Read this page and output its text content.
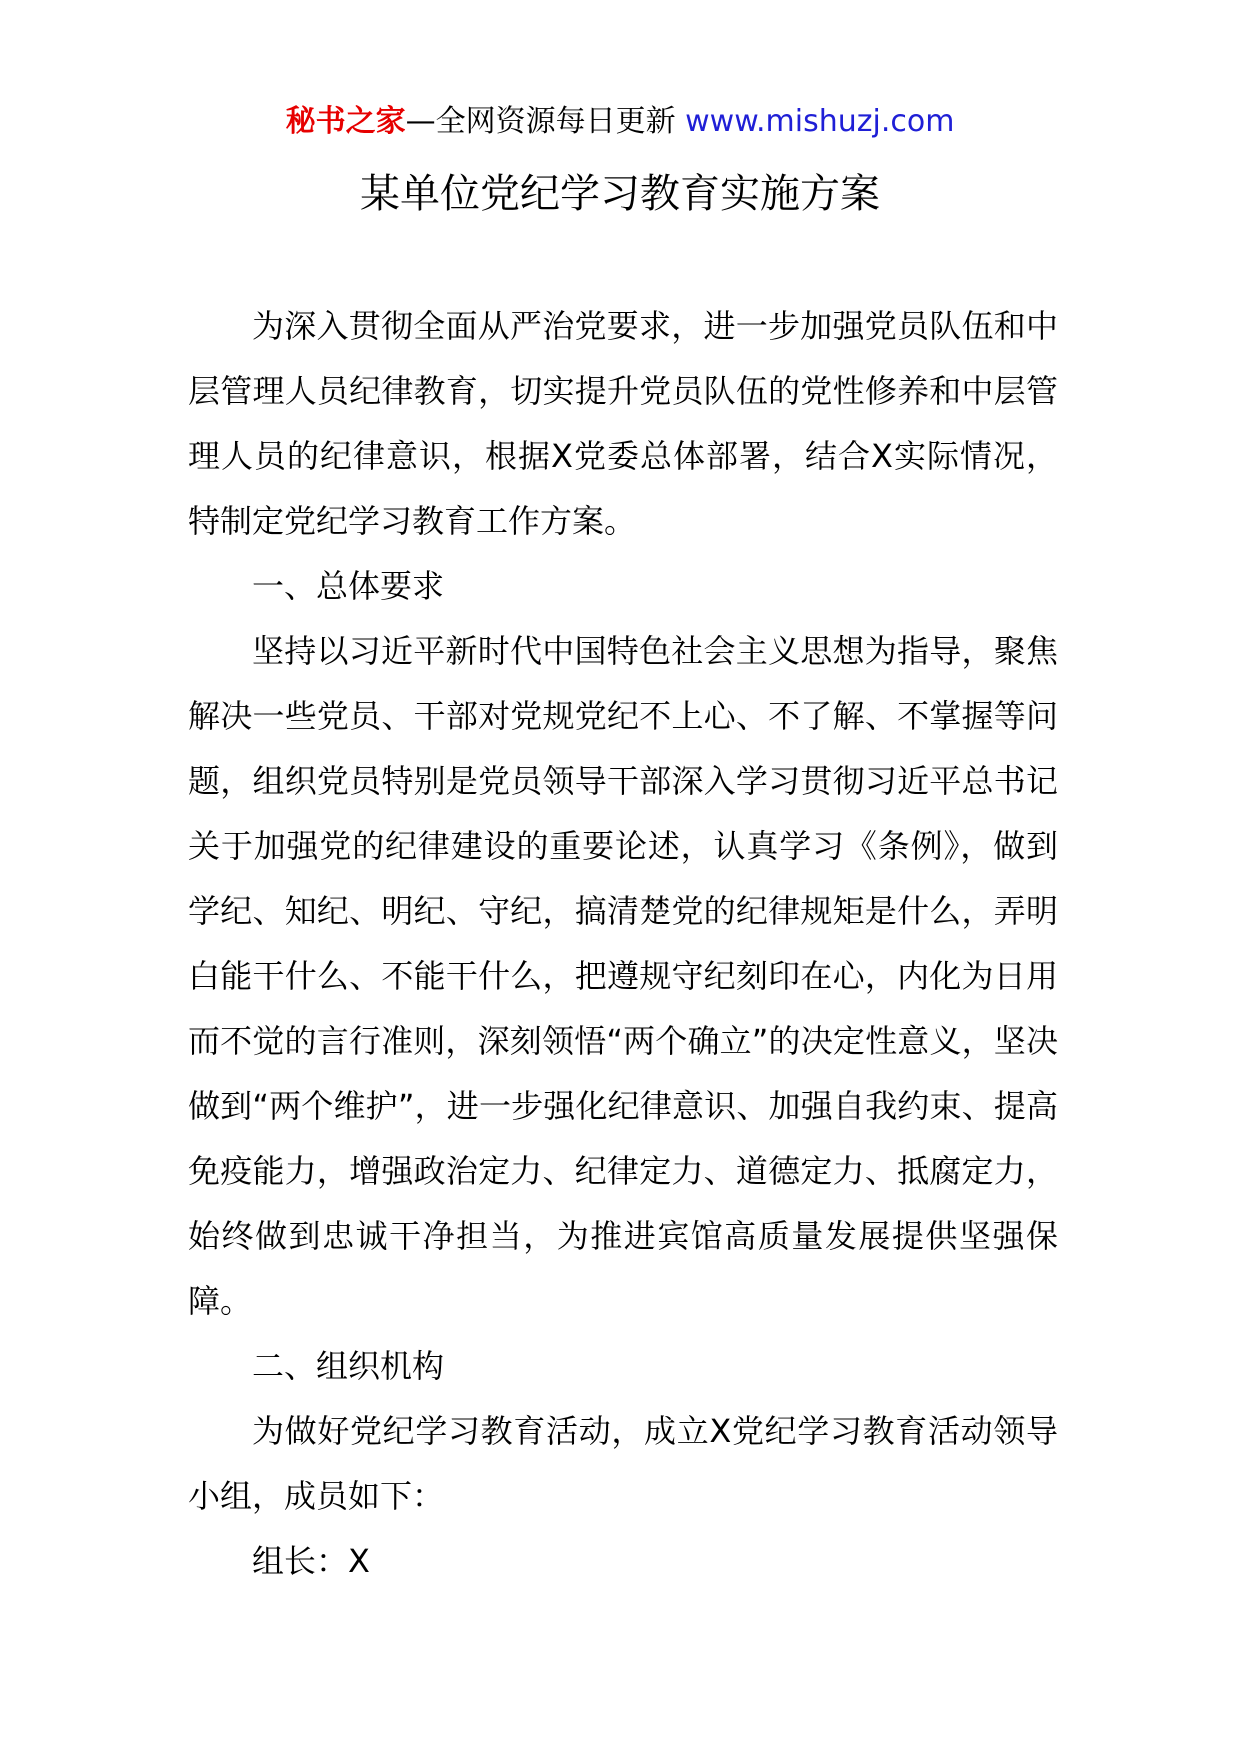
秘书之家—全网资源每日更新 www.mishuzj.com
某单位党纪学习教育实施方案

为深入贯彻全面从严治党要求，进一步加强党员队伍和中层管理人员纪律教育，切实提升党员队伍的党性修养和中层管理人员的纪律意识，根据X党委总体部署，结合X实际情况，特制定党纪学习教育工作方案。

一、总体要求

坚持以习近平新时代中国特色社会主义思想为指导，聚焦解决一些党员、干部对党规党纪不上心、不了解、不掌握等问题，组织党员特别是党员领导干部深入学习贯彻习近平总书记关于加强党的纪律建设的重要论述，认真学习《条例》，做到学纪、知纪、明纪、守纪，搞清楚党的纪律规矩是什么，弄明白能干什么、不能干什么，把遵规守纪刻印在心，内化为日用而不觉的言行准则，深刻领悟“两个确立”的决定性意义，坚决做到“两个维护”，进一步强化纪律意识、加强自我约束、提高免疫能力，增强政治定力、纪律定力、道德定力、抵腐定力，始终做到忠诚干净担当，为推进宾馆高质量发展提供坚强保障。

二、组织机构

为做好党纪学习教育活动，成立X党纪学习教育活动领导小组，成员如下：

组长：X
